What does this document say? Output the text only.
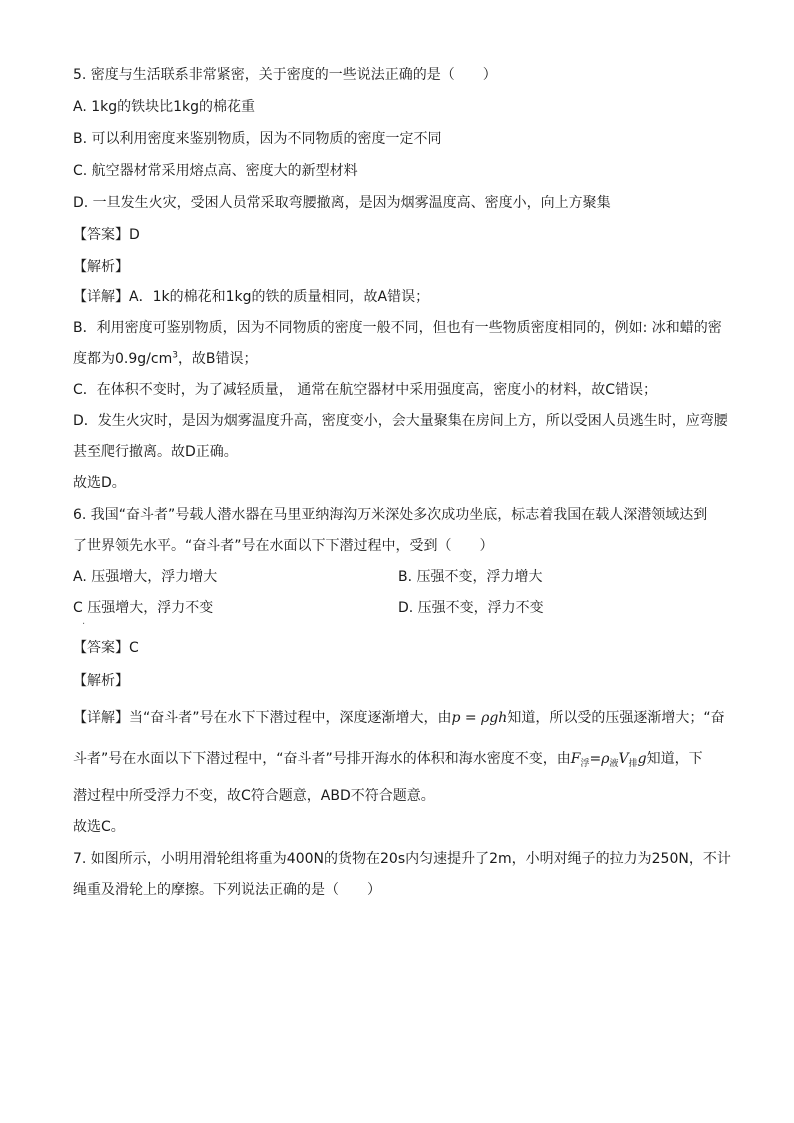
5. 密度与生活联系非常紧密，关于密度的一些说法正确的是（　　）
A. 1kg的铁块比1kg的棉花重
B. 可以利用密度来鉴别物质，因为不同物质的密度一定不同
C. 航空器材常采用熔点高、密度大的新型材料
D. 一旦发生火灾，受困人员常采取弯腰撤离，是因为烟雾温度高、密度小，向上方聚集
【答案】D
【解析】
【详解】A．1k的棉花和1kg的铁的质量相同，故A错误；
B．利用密度可鉴别物质，因为不同物质的密度一般不同，但也有一些物质密度相同的，例如: 冰和蜡的密
度都为$0.9g/cm^3$，故B错误；
C．在体积不变时，为了减轻质量， 通常在航空器材中采用强度高，密度小的材料，故C错误；
D．发生火灾时，是因为烟雾温度升高，密度变小，会大量聚集在房间上方，所以受困人员逃生时，应弯腰
甚至爬行撤离。故D正确。
故选D。
6. 我国“奋斗者”号载人潜水器在马里亚纳海沟万米深处多次成功坐底，标志着我国在载人深潜领域达到
了世界领先水平。“奋斗者”号在水面以下下潜过程中，受到（　　）
A. 压强增大，浮力增大	B. 压强不变，浮力增大
C 压强增大，浮力不变	D. 压强不变，浮力不变
·
【答案】C
【解析】
【详解】当“奋斗者”号在水下下潜过程中，深度逐渐增大，由p = ρgh知道，所以受的压强逐渐增大；“奋
斗者”号在水面以下下潜过程中，“奋斗者”号排开海水的体积和海水密度不变，由$F_浮=\rho_液V_排g$知道，下
潜过程中所受浮力不变，故C符合题意，ABD不符合题意。
故选C。
7. 如图所示，小明用滑轮组将重为400N的货物在20s内匀速提升了2m，小明对绳子的拉力为250N，不计
绳重及滑轮上的摩擦。下列说法正确的是（　　）
